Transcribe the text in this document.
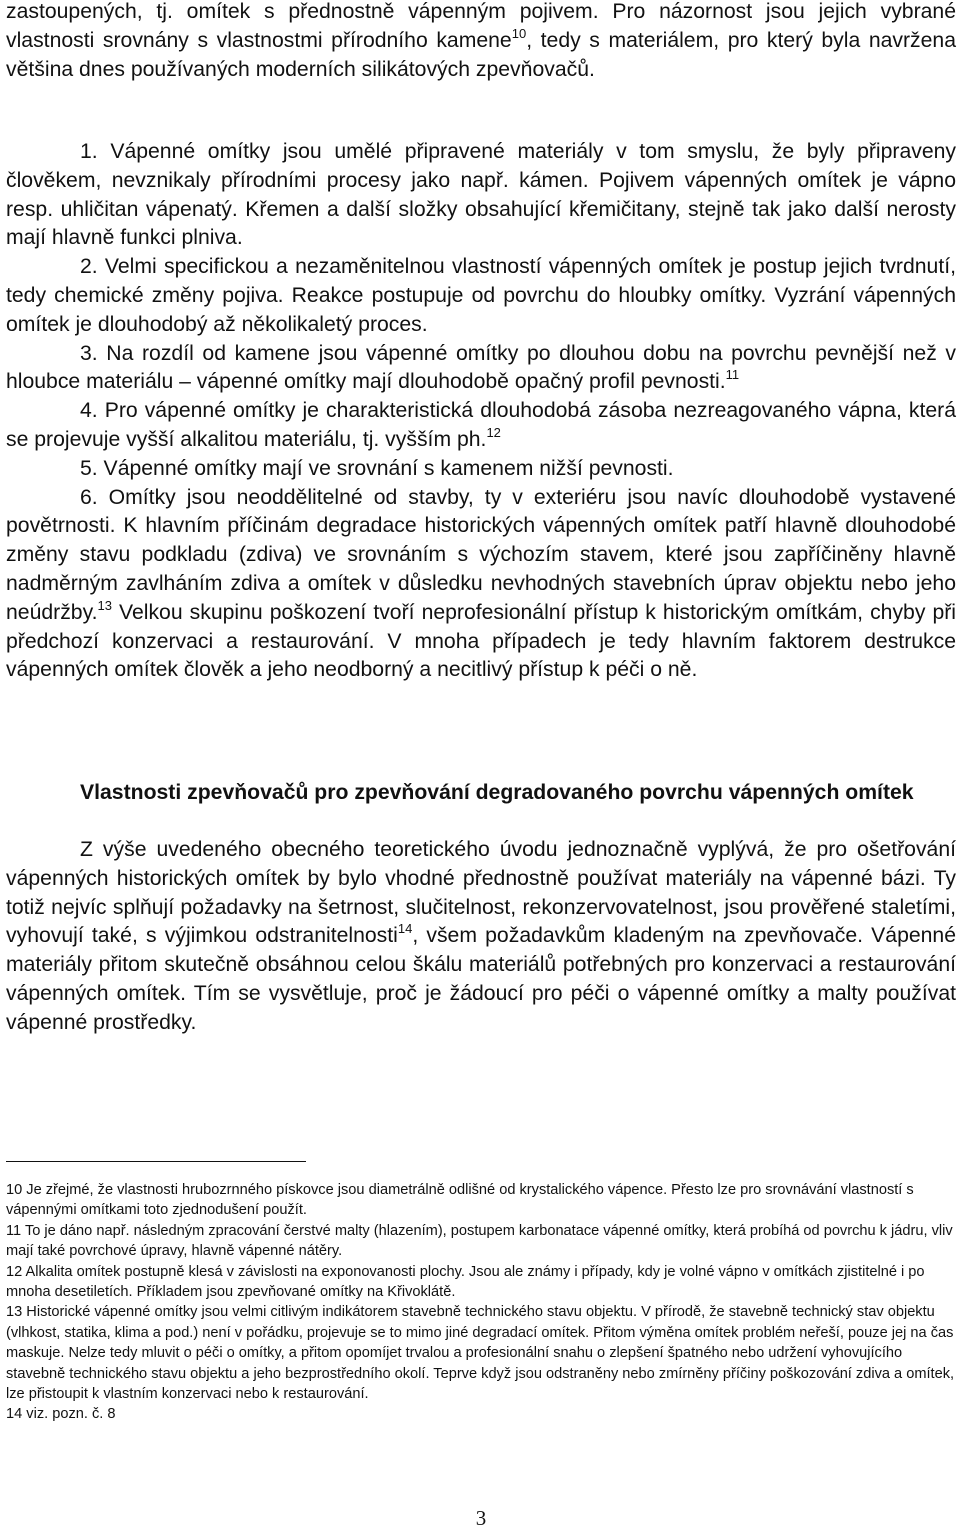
zastoupených, tj. omítek s přednostně vápenným pojivem. Pro názornost jsou jejich vybrané vlastnosti srovnány s vlastnostmi přírodního kamene$^{10}$, tedy s materiálem, pro který byla navržena většina dnes používaných moderních silikátových zpevňovačů.

1. Vápenné omítky jsou umělé připravené materiály v tom smyslu, že byly připraveny člověkem, nevznikaly přírodními procesy jako např. kámen. Pojivem vápenných omítek je vápno resp. uhličitan vápenatý. Křemen a další složky obsahující křemičitany, stejně tak jako další nerosty mají hlavně funkci plniva.

2. Velmi specifickou a nezaměnitelnou vlastností vápenných omítek je postup jejich tvrdnutí, tedy chemické změny pojiva. Reakce postupuje od povrchu do hloubky omítky. Vyzrání vápenných omítek je dlouhodobý až několikaletý proces.

3. Na rozdíl od kamene jsou vápenné omítky po dlouhou dobu na povrchu pevnější než v hloubce materiálu – vápenné omítky mají dlouhodobě opačný profil pevnosti.$^{11}$

4. Pro vápenné omítky je charakteristická dlouhodobá zásoba nezreagovaného vápna, která se projevuje vyšší alkalitou materiálu, tj. vyšším ph.$^{12}$

5. Vápenné omítky mají ve srovnání s kamenem nižší pevnosti.

6. Omítky jsou neoddělitelné od stavby, ty v exteriéru jsou navíc dlouhodobě vystavené povětrnosti. K hlavním příčinám degradace historických vápenných omítek patří hlavně dlouhodobé změny stavu podkladu (zdiva) ve srovnáním s výchozím stavem, které jsou zapříčiněny hlavně nadměrným zavlháním zdiva a omítek v důsledku nevhodných stavebních úprav objektu nebo jeho neúdržby.$^{13}$ Velkou skupinu poškození tvoří neprofesionální přístup k historickým omítkám, chyby při předchozí konzervaci a restaurování. V mnoha případech je tedy hlavním faktorem destrukce vápenných omítek člověk a jeho neodborný a necitlivý přístup k péči o ně.

Vlastnosti zpevňovačů pro zpevňování degradovaného povrchu vápenných omítek
Z výše uvedeného obecného teoretického úvodu jednoznačně vyplývá, že pro ošetřování vápenných historických omítek by bylo vhodné přednostně používat materiály na vápenné bázi. Ty totiž nejvíc splňují požadavky na šetrnost, slučitelnost, rekonzervovatelnost, jsou prověřené staletími, vyhovují také, s výjimkou odstranitelnosti$^{14}$, všem požadavkům kladeným na zpevňovače. Vápenné materiály přitom skutečně obsáhnou celou škálu materiálů potřebných pro konzervaci a restaurování vápenných omítek. Tím se vysvětluje, proč je žádoucí pro péči o vápenné omítky a malty používat vápenné prostředky.
10 Je zřejmé, že vlastnosti hrubozrnného pískovce jsou diametrálně odlišné od krystalického vápence. Přesto lze pro srovnávání vlastností s vápennými omítkami toto zjednodušení použít.
11 To je dáno např. následným zpracování čerstvé malty (hlazením), postupem karbonatace vápenné omítky, která probíhá od povrchu k jádru, vliv mají také povrchové úpravy, hlavně vápenné nátěry.
12 Alkalita omítek postupně klesá v závislosti na exponovanosti plochy. Jsou ale známy i případy, kdy je volné vápno v omítkách zjistitelné i po mnoha desetiletích. Příkladem jsou zpevňované omítky na Křivoklátě.
13 Historické vápenné omítky jsou velmi citlivým indikátorem stavebně technického stavu objektu. V přírodě, že stavebně technický stav objektu (vlhkost, statika, klima a pod.) není v pořádku, projevuje se to mimo jiné degradací omítek. Přitom výměna omítek problém neřeší, pouze jej na čas maskuje. Nelze tedy mluvit o péči o omítky, a přitom opomíjet trvalou a profesionální snahu o zlepšení špatného nebo udržení vyhovujícího stavebně technického stavu objektu a jeho bezprostředního okolí. Teprve když jsou odstraněny nebo zmírněny příčiny poškozování zdiva a omítek, lze přistoupit k vlastním konzervaci nebo k restaurování.
14 viz. pozn. č. 8
3
